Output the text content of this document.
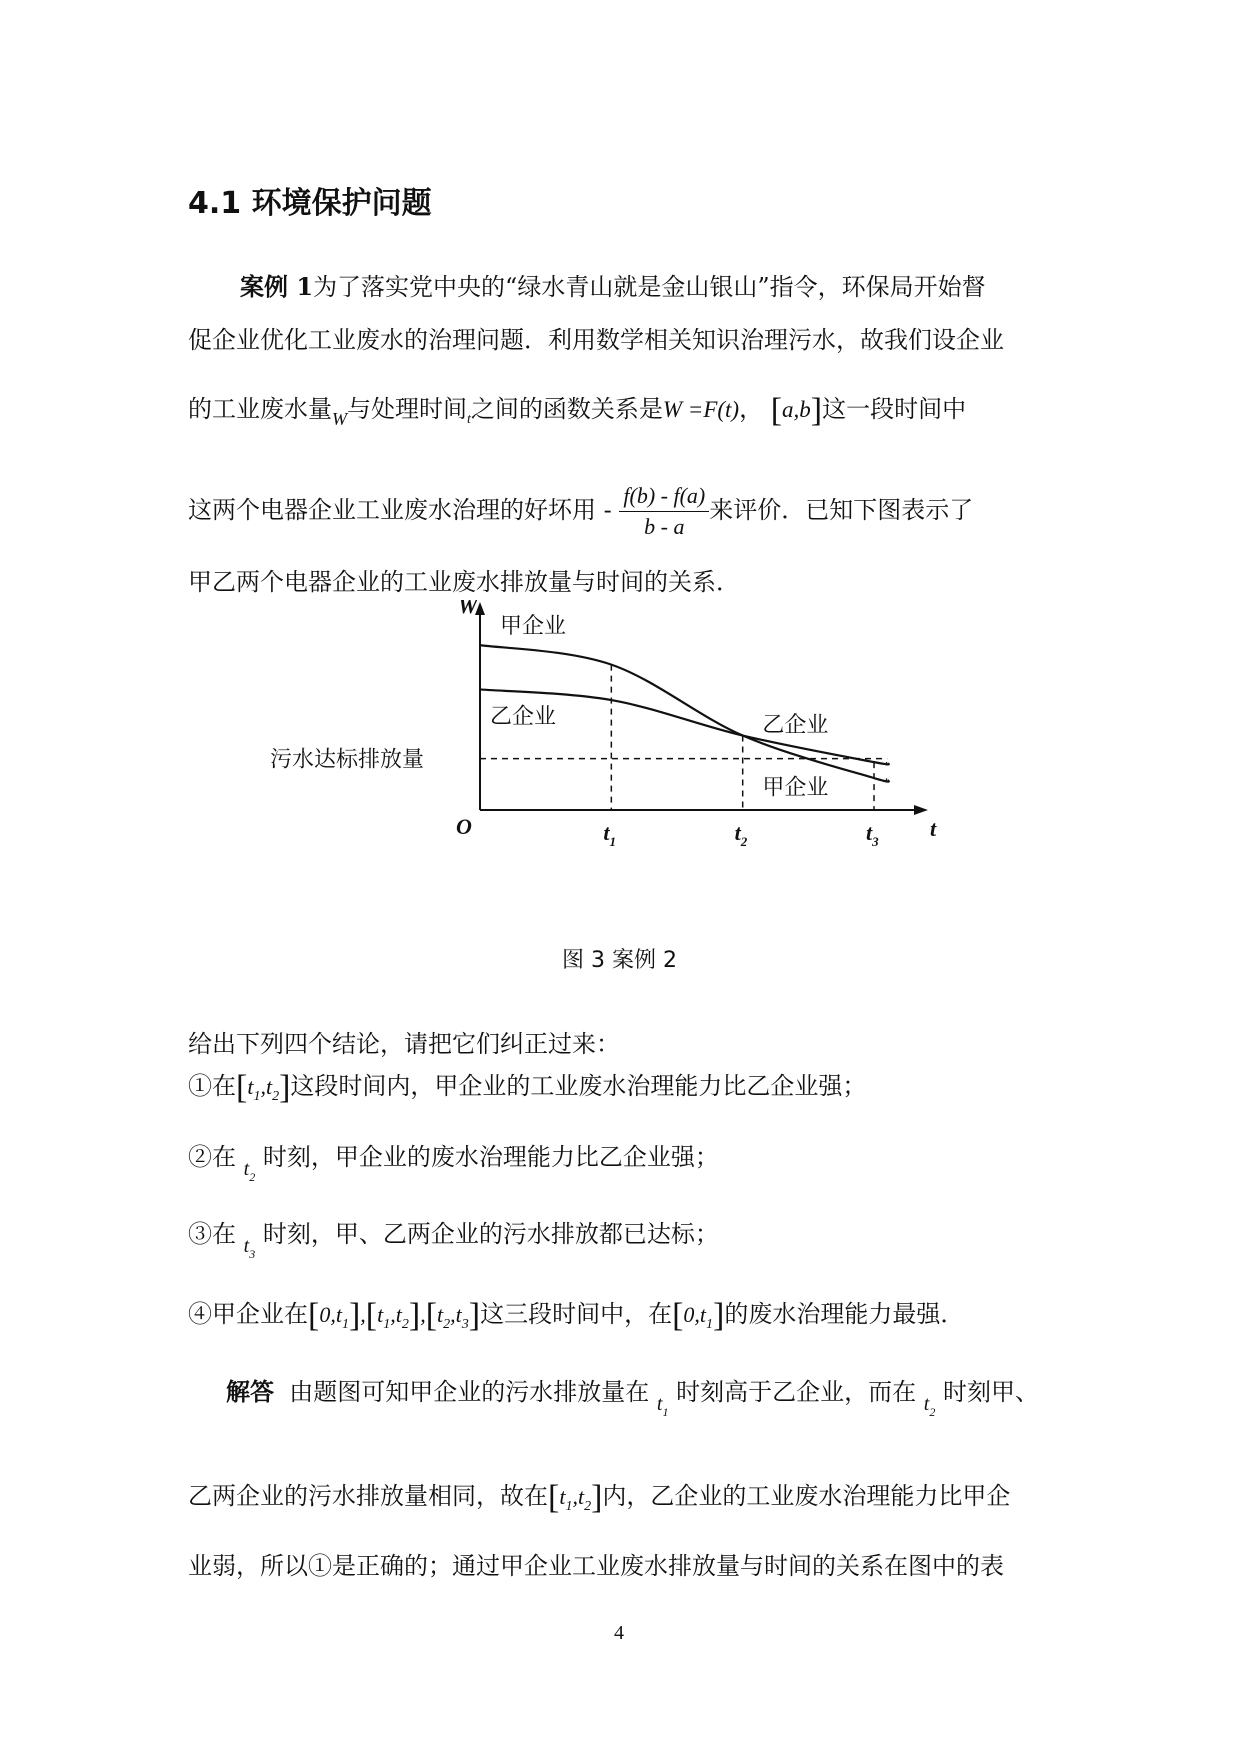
4.1 环境保护问题
案例 1为了落实党中央的“绿水青山就是金山银山”指令，环保局开始督
促企业优化工业废水的治理问题．利用数学相关知识治理污水，故我们设企业
的工业废水量$_W$与处理时间$_t$之间的函数关系是W =F(t)， [a,b]这一段时间中
这两个电器企业工业废水治理的好坏用 - $\frac{f(b) - f(a)}{b - a}$ 来评价．已知下图表示了
甲乙两个电器企业的工业废水排放量与时间的关系．
t
W
O
污水达标排放量
$t_1$	$t_2$	$t_3$
甲企业
乙企业	乙企业
甲企业
图 3 案例 2
给出下列四个结论，请把它们纠正过来：
①在$[t_1,t_2]$这段时间内，甲企业的工业废水治理能力比乙企业强；
②在 $_{t_2}$ 时刻，甲企业的废水治理能力比乙企业强；
③在 $_{t_3}$ 时刻，甲、乙两企业的污水排放都已达标；
④甲企业在$[0,t_1],[t_1,t_2],[t_2,t_3]$这三段时间中，在$[0,t_1]$的废水治理能力最强．
解答 由题图可知甲企业的污水排放量在 $_{t_1}$ 时刻高于乙企业，而在 $_{t_2}$ 时刻甲、
乙两企业的污水排放量相同，故在$[t_1,t_2]$内，乙企业的工业废水治理能力比甲企
业弱，所以①是正确的；通过甲企业工业废水排放量与时间的关系在图中的表
4
